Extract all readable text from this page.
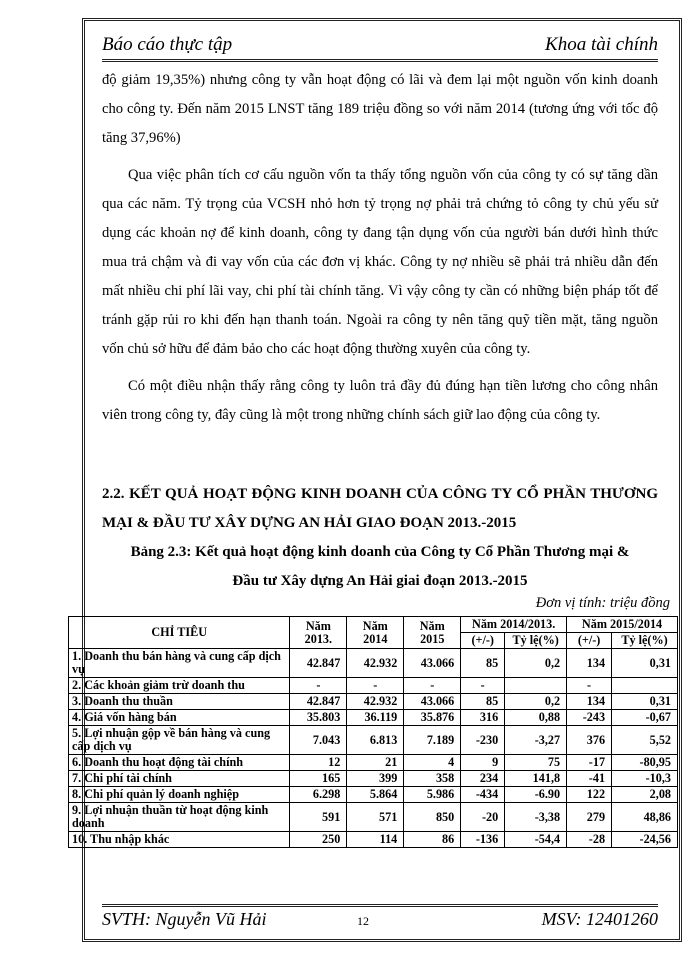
Báo cáo thực tập	Khoa tài chính

độ giảm 19,35%) nhưng công ty vẫn hoạt động có lãi và đem lại một nguồn vốn kinh doanh cho công ty. Đến năm 2015 LNST tăng 189 triệu đồng so với năm 2014 (tương ứng với tốc độ tăng 37,96%)

Qua việc phân tích cơ cấu nguồn vốn ta thấy tổng nguồn vốn của công ty có sự tăng dần qua các năm. Tỷ trọng của VCSH nhỏ hơn tỷ trọng nợ phải trả chứng tỏ công ty chủ yếu sử dụng các khoản nợ để kinh doanh, công ty đang tận dụng vốn của người bán dưới hình thức mua trả chậm và đi vay vốn của các đơn vị khác. Công ty nợ nhiều sẽ phải trả nhiều dẫn đến mất nhiều chi phí lãi vay, chi phí tài chính tăng. Vì vậy công ty cần có những biện pháp tốt để tránh gặp rủi ro khi đến hạn thanh toán. Ngoài ra công ty nên tăng quỹ tiền mặt, tăng nguồn vốn chủ sở hữu để đảm bảo cho các hoạt động thường xuyên của công ty.

Có một điều nhận thấy rằng công ty luôn trả đầy đủ đúng hạn tiền lương cho công nhân viên trong công ty, đây cũng là một trong những chính sách giữ lao động của công ty.

2.2. KẾT QUẢ HOẠT ĐỘNG KINH DOANH CỦA CÔNG TY CỔ PHẦN THƯƠNG MẠI & ĐẦU TƯ XÂY DỰNG AN HẢI GIAO ĐOẠN 2013.-2015
Bảng 2.3: Kết quả hoạt động kinh doanh của Công ty Cổ Phần Thương mại &
Đầu tư Xây dựng An Hải giai đoạn 2013.-2015
Đơn vị tính: triệu đồng
CHỈ TIÊU	Năm 2013.	Năm 2014	Năm 2015	Năm 2014/2013.		Năm 2015/2014	
				(+/-)	Tỷ lệ(%)	(+/-)	Tỷ lệ(%)
1. Doanh thu bán hàng và cung cấp dịch vụ	42.847	42.932	43.066	85	0,2	134	0,31
2. Các khoản giảm trừ doanh thu	-	-	-	-		-	
3. Doanh thu thuần	42.847	42.932	43.066	85	0,2	134	0,31
4. Giá vốn hàng bán	35.803	36.119	35.876	316	0,88	-243	-0,67
5. Lợi nhuận gộp về bán hàng và cung cấp dịch vụ	7.043	6.813	7.189	-230	-3,27	376	5,52
6. Doanh thu hoạt động tài chính	12	21	4	9	75	-17	-80,95
7. Chi phí tài chính	165	399	358	234	141,8	-41	-10,3
8. Chi phí quản lý doanh nghiệp	6.298	5.864	5.986	-434	-6.90	122	2,08
9. Lợi nhuận thuần từ hoạt động kinh doanh	591	571	850	-20	-3,38	279	48,86
10. Thu nhập khác	250	114	86	-136	-54,4	-28	-24,56
SVTH: Nguyễn Vũ Hải	12	MSV: 12401260
